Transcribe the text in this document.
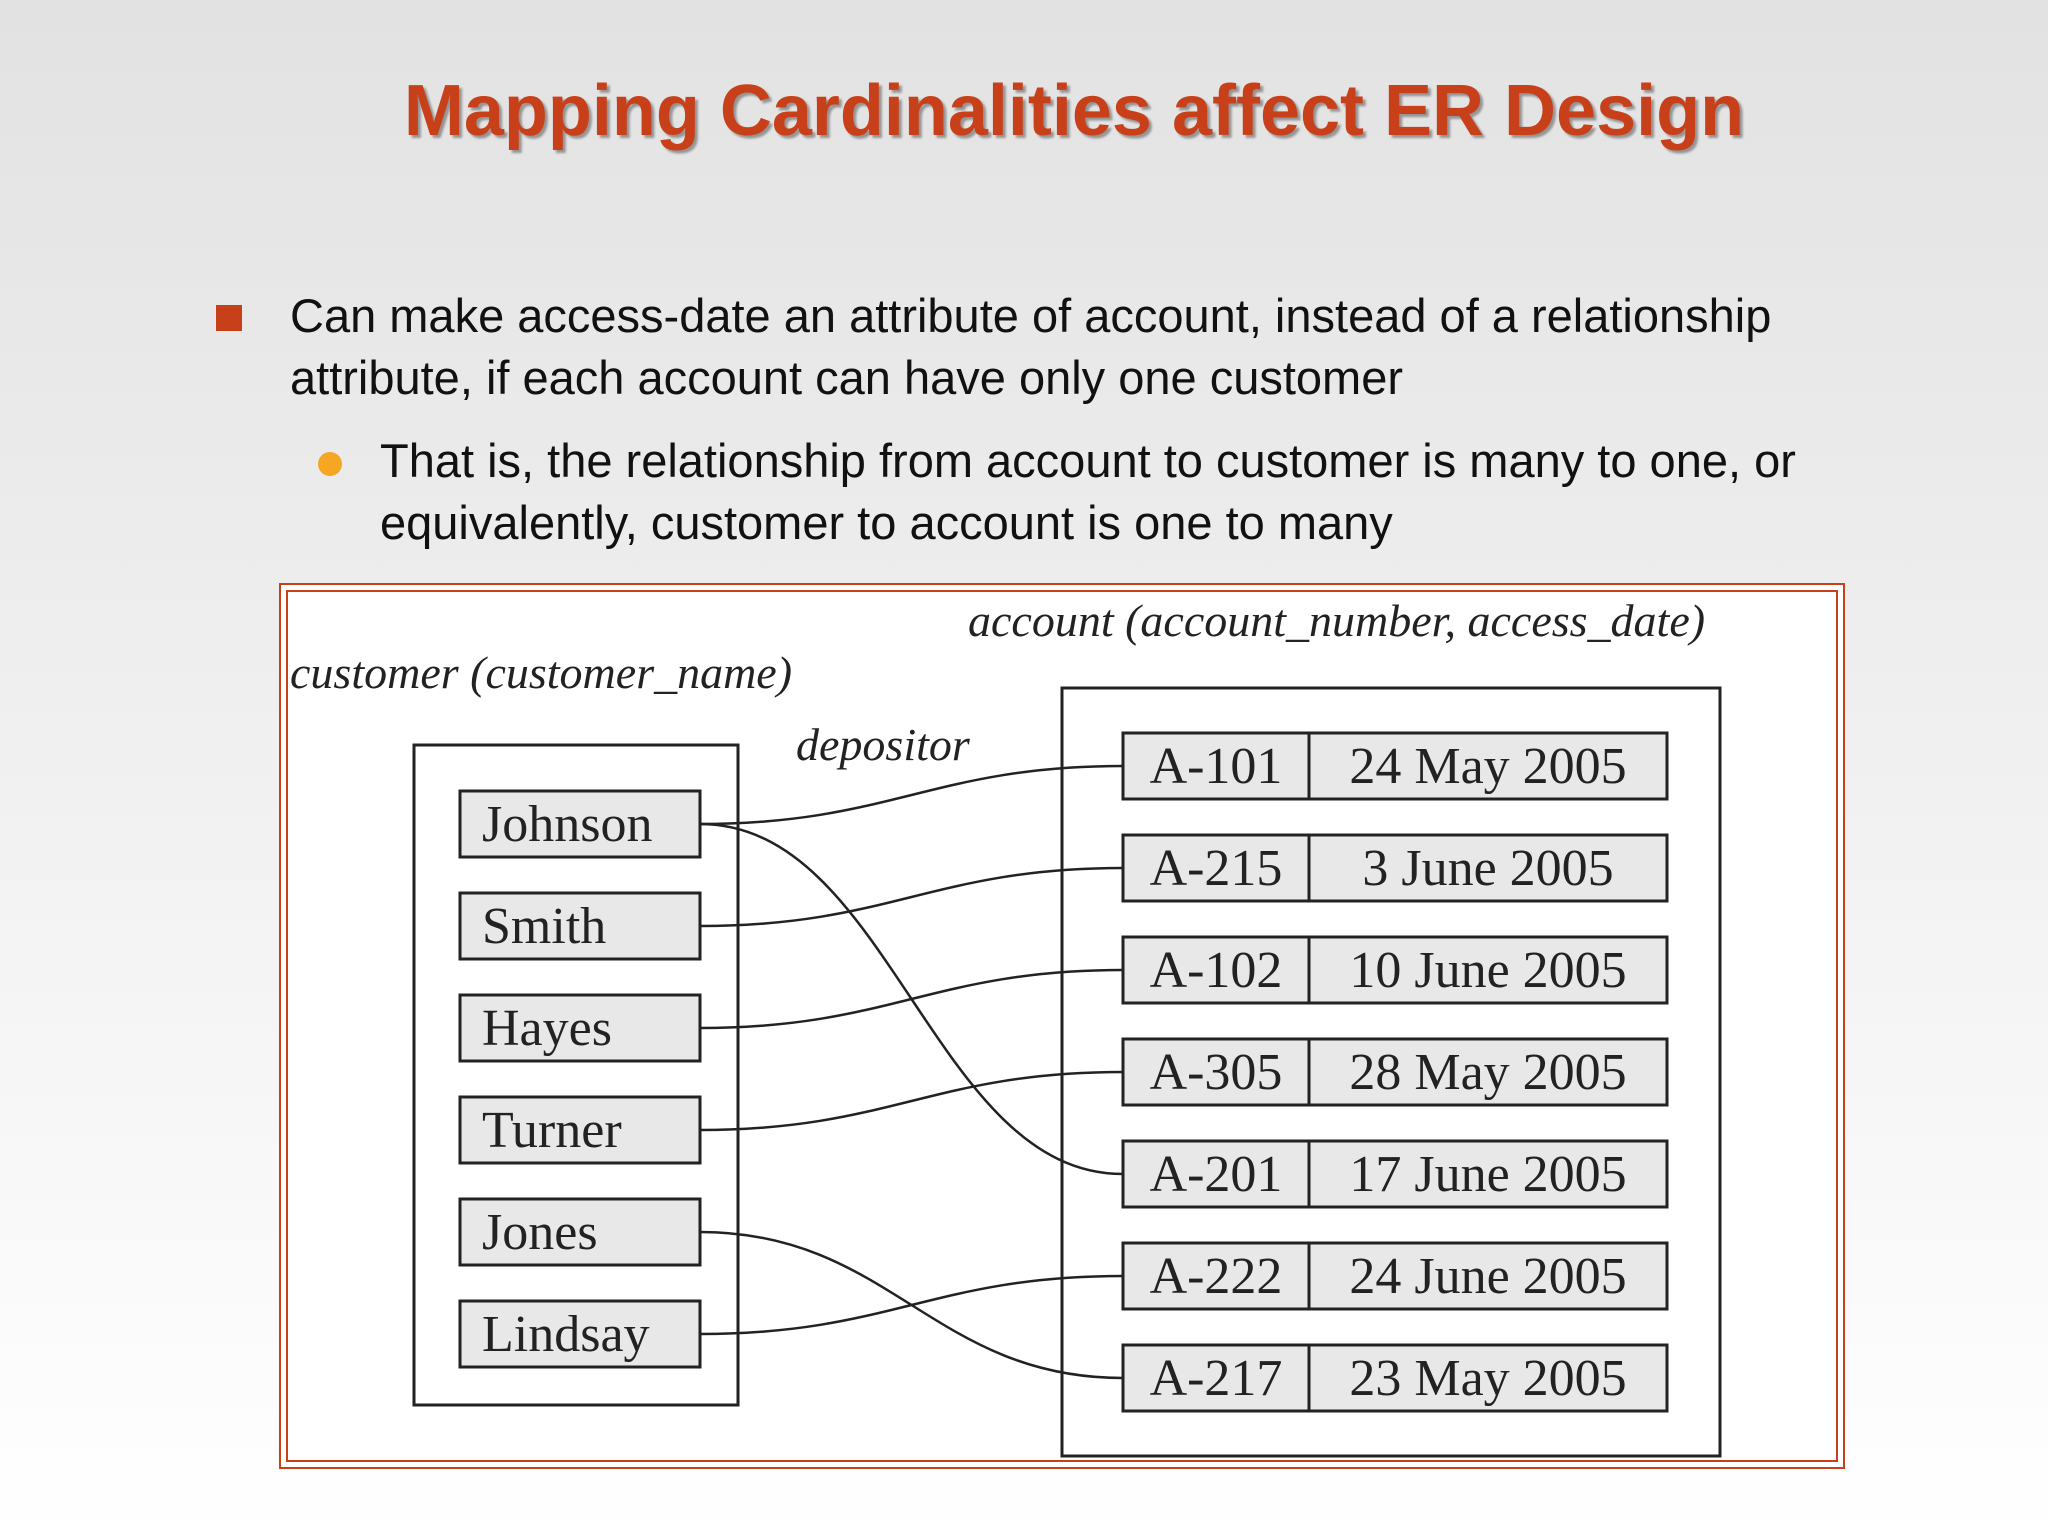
Mapping Cardinalities affect ER Design
Can make access-date an attribute of account, instead of a relationship attribute, if each account can have only one customer
That is, the relationship from account to customer is many to one, or equivalently, customer to account is one to many
customer (customer_name)
account (account_number, access_date)
depositor
Johnson
Smith
Hayes
Turner
Jones
Lindsay
A-101 24 May 2005
A-215 3 June 2005
A-102 10 June 2005
A-305 28 May 2005
A-201 17 June 2005
A-222 24 June 2005
A-217 23 May 2005
